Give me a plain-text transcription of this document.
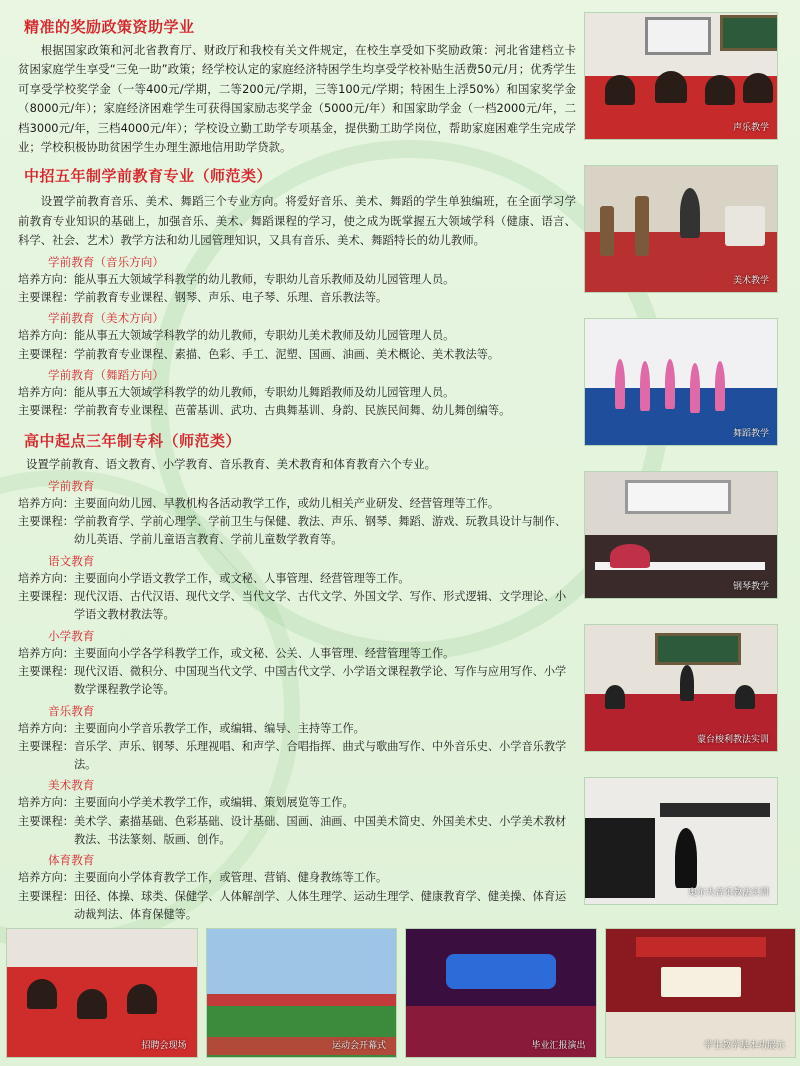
精准的奖励政策资助学业

根据国家政策和河北省教育厅、财政厅和我校有关文件规定，在校生享受如下奖励政策：河北省建档立卡贫困家庭学生享受“三免一助”政策；经学校认定的家庭经济特困学生均享受学校补贴生活费50元/月；优秀学生可享受学校奖学金（一等400元/学期，二等200元/学期，三等100元/学期；特困生上浮50%）和国家奖学金（8000元/年）；家庭经济困难学生可获得国家励志奖学金（5000元/年）和国家助学金（一档2000元/年，二档3000元/年，三档4000元/年）；学校设立勤工助学专项基金，提供勤工助学岗位，帮助家庭困难学生完成学业；学校积极协助贫困学生办理生源地信用助学贷款。

中招五年制学前教育专业（师范类）

设置学前教育音乐、美术、舞蹈三个专业方向。将爱好音乐、美术、舞蹈的学生单独编班，在全面学习学前教育专业知识的基础上，加强音乐、美术、舞蹈课程的学习，使之成为既掌握五大领域学科（健康、语言、科学、社会、艺术）教学方法和幼儿园管理知识，又具有音乐、美术、舞蹈特长的幼儿教师。

学前教育（音乐方向）
培养方向： 能从事五大领域学科教学的幼儿教师，专职幼儿音乐教师及幼儿园管理人员。
主要课程： 学前教育专业课程、钢琴、声乐、电子琴、乐理、音乐教法等。
学前教育（美术方向）
培养方向： 能从事五大领域学科教学的幼儿教师，专职幼儿美术教师及幼儿园管理人员。
主要课程： 学前教育专业课程、素描、色彩、手工、泥塑、国画、油画、美术概论、美术教法等。
学前教育（舞蹈方向）
培养方向： 能从事五大领域学科教学的幼儿教师，专职幼儿舞蹈教师及幼儿园管理人员。
主要课程： 学前教育专业课程、芭蕾基训、武功、古典舞基训、身韵、民族民间舞、幼儿舞创编等。
高中起点三年制专科（师范类）

设置学前教育、语文教育、小学教育、音乐教育、美术教育和体育教育六个专业。

学前教育
培养方向： 主要面向幼儿园、早教机构各活动教学工作，或幼儿相关产业研发、经营管理等工作。
主要课程： 学前教育学、学前心理学、学前卫生与保健、教法、声乐、钢琴、舞蹈、游戏、玩教具设计与制作、幼儿英语、学前儿童语言教育、学前儿童数学教育等。
语文教育
培养方向： 主要面向小学语文教学工作，或文秘、人事管理、经营管理等工作。
主要课程： 现代汉语、古代汉语、现代文学、当代文学、古代文学、外国文学、写作、形式逻辑、文学理论、小学语文教材教法等。
小学教育
培养方向： 主要面向小学各学科教学工作，或文秘、公关、人事管理、经营管理等工作。
主要课程： 现代汉语、微积分、中国现当代文学、中国古代文学、小学语文课程教学论、写作与应用写作、小学数学课程教学论等。
音乐教育
培养方向： 主要面向小学音乐教学工作，或编辑、编导、主持等工作。
主要课程： 音乐学、声乐、钢琴、乐理视唱、和声学、合唱指挥、曲式与歌曲写作、中外音乐史、小学音乐教学法。
美术教育
培养方向： 主要面向小学美术教学工作，或编辑、策划展览等工作。
主要课程： 美术学、素描基础、色彩基础、设计基础、国画、油画、中国美术简史、外国美术史、小学美术教材教法、书法篆刻、版画、创作。
体育教育
培养方向： 主要面向小学体育教学工作，或管理、营销、健身教练等工作。
主要课程： 田径、体操、球类、保健学、人体解剖学、人体生理学、运动生理学、健康教育学、健美操、体育运动裁判法、体育保健等。
声乐教学
美术教学
舞蹈教学
钢琴教学
蒙台梭利教法实训
奥尔夫音乐教法实训
招聘会现场	运动会开幕式	毕业汇报演出	学生教学基本功展示
